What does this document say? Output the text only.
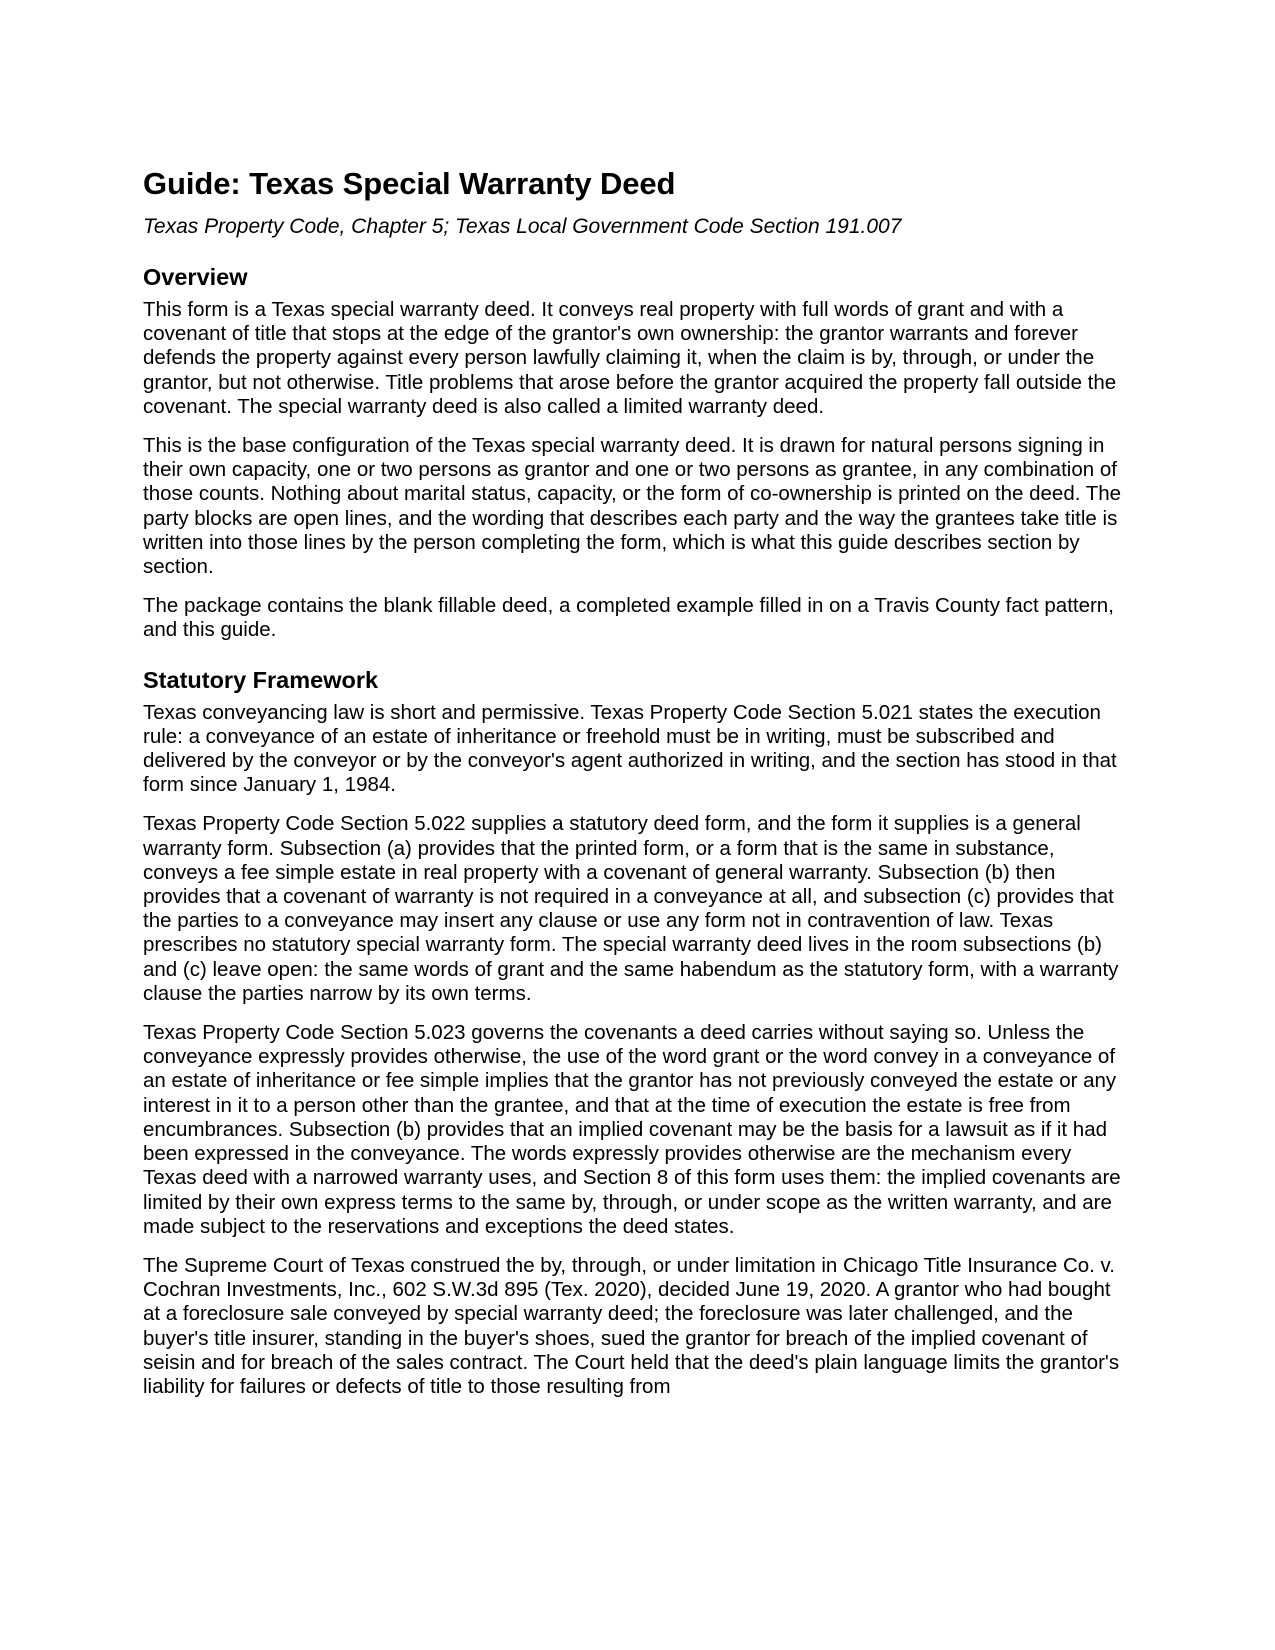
Guide: Texas Special Warranty Deed

Texas Property Code, Chapter 5; Texas Local Government Code Section 191.007

Overview

This form is a Texas special warranty deed. It conveys real property with full words of grant and with a covenant of title that stops at the edge of the grantor's own ownership: the grantor warrants and forever defends the property against every person lawfully claiming it, when the claim is by, through, or under the grantor, but not otherwise. Title problems that arose before the grantor acquired the property fall outside the covenant. The special warranty deed is also called a limited warranty deed.

This is the base configuration of the Texas special warranty deed. It is drawn for natural persons signing in their own capacity, one or two persons as grantor and one or two persons as grantee, in any combination of those counts. Nothing about marital status, capacity, or the form of co-ownership is printed on the deed. The party blocks are open lines, and the wording that describes each party and the way the grantees take title is written into those lines by the person completing the form, which is what this guide describes section by section.

The package contains the blank fillable deed, a completed example filled in on a Travis County fact pattern, and this guide.

Statutory Framework

Texas conveyancing law is short and permissive. Texas Property Code Section 5.021 states the execution rule: a conveyance of an estate of inheritance or freehold must be in writing, must be subscribed and delivered by the conveyor or by the conveyor's agent authorized in writing, and the section has stood in that form since January 1, 1984.

Texas Property Code Section 5.022 supplies a statutory deed form, and the form it supplies is a general warranty form. Subsection (a) provides that the printed form, or a form that is the same in substance, conveys a fee simple estate in real property with a covenant of general warranty. Subsection (b) then provides that a covenant of warranty is not required in a conveyance at all, and subsection (c) provides that the parties to a conveyance may insert any clause or use any form not in contravention of law. Texas prescribes no statutory special warranty form. The special warranty deed lives in the room subsections (b) and (c) leave open: the same words of grant and the same habendum as the statutory form, with a warranty clause the parties narrow by its own terms.

Texas Property Code Section 5.023 governs the covenants a deed carries without saying so. Unless the conveyance expressly provides otherwise, the use of the word grant or the word convey in a conveyance of an estate of inheritance or fee simple implies that the grantor has not previously conveyed the estate or any interest in it to a person other than the grantee, and that at the time of execution the estate is free from encumbrances. Subsection (b) provides that an implied covenant may be the basis for a lawsuit as if it had been expressed in the conveyance. The words expressly provides otherwise are the mechanism every Texas deed with a narrowed warranty uses, and Section 8 of this form uses them: the implied covenants are limited by their own express terms to the same by, through, or under scope as the written warranty, and are made subject to the reservations and exceptions the deed states.

The Supreme Court of Texas construed the by, through, or under limitation in Chicago Title Insurance Co. v. Cochran Investments, Inc., 602 S.W.3d 895 (Tex. 2020), decided June 19, 2020. A grantor who had bought at a foreclosure sale conveyed by special warranty deed; the foreclosure was later challenged, and the buyer's title insurer, standing in the buyer's shoes, sued the grantor for breach of the implied covenant of seisin and for breach of the sales contract. The Court held that the deed's plain language limits the grantor's liability for failures or defects of title to those resulting from
